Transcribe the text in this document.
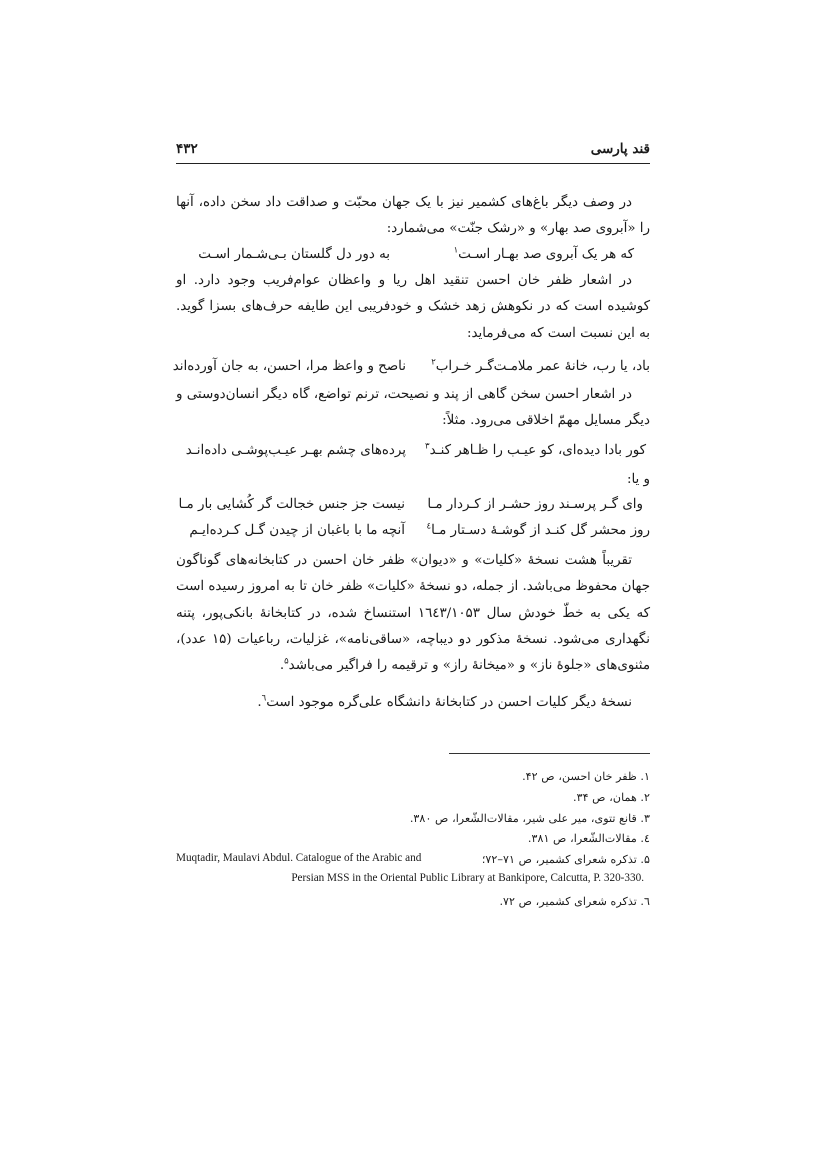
قند پارسی
۴۳۲

در وصف دیگر باغ‌های کشمیر نیز با یک جهان محبّت و صداقت داد سخن داده، آنها را «آبروی صد بهار» و «رشک جنّت» می‌شمارد:

به دور دل گلستان بـی‌شـمار اسـت	که هر یک آبروی صد بهـار اسـت$^۱$

در اشعار ظفر خان احسن تنقید اهل ریا و واعظان عوام‌فریب وجود دارد. او کوشیده است که در نکوهش زهد خشک و خودفریبی این طایفه حرف‌های بسزا گوید. به این نسبت است که می‌فرماید:

ناصح و واعظ مرا، احسن، به جان آورده‌اند	باد، یا رب، خانهٔ عمر ملامـت‌گـر خـراب$^۲$

در اشعار احسن سخن گاهی از پند و نصیحت، ترنم تواضع، گاه دیگر انسان‌دوستی و دیگر مسایل مهمّ اخلاقی می‌رود. مثلاً:

پرده‌های چشم بهـر عیـب‌پوشـی داده‌انـد	کور بادا دیده‌ای، کو عیـب را ظـاهر کنـد$^۳$
و یا:
نیست جز جنس خجالت گر کُشایی بار مـا وای گـر پرسـند روز حشـر از کـردار مـا
آنچه ما با باغبان از چیدن گـل کـرده‌ایـم	روز محشر گل کنـد از گوشـهٔ دسـتار مـا$^٤$

تقریباً هشت نسخهٔ «کلیات» و «دیوان» ظفر خان احسن در کتابخانه‌های گوناگون جهان محفوظ می‌باشد. از جمله، دو نسخهٔ «کلیات» ظفر خان تا به امروز رسیده است که یکی به خطّ خودش سال ۱٦٤۳/۱۰۵۳ استنساخ شده، در کتابخانهٔ بانکی‌پور، پتنه نگهداری می‌شود. نسخهٔ مذکور دو دیباچه، «ساقی‌نامه»، غزلیات، رباعیات (۱۵ عدد)، مثنوی‌های «جلوهٔ ناز» و «میخانهٔ راز» و ترقیمه را فراگیر می‌باشد$^۵$.

نسخهٔ دیگر کلیات احسن در کتابخانهٔ دانشگاه علی‌گره موجود است$^٦$.

۱. ظفر خان احسن، ص ۴۲.
۲. همان، ص ۳۴.
۳. قانع تتوی، میر علی شیر، مقالات‌الشّعرا، ص ۳۸۰.
٤. مقالات‌الشّعرا، ص ۳۸۱.
۵. تذکره شعرای کشمیر، ص ۷۱–۷۲؛
Muqtadir, Maulavi Abdul. Catalogue of the Arabic and
Persian MSS in the Oriental Public Library at Bankipore, Calcutta, P. 320-330.
٦. تذکره شعرای کشمیر، ص ۷۲.
